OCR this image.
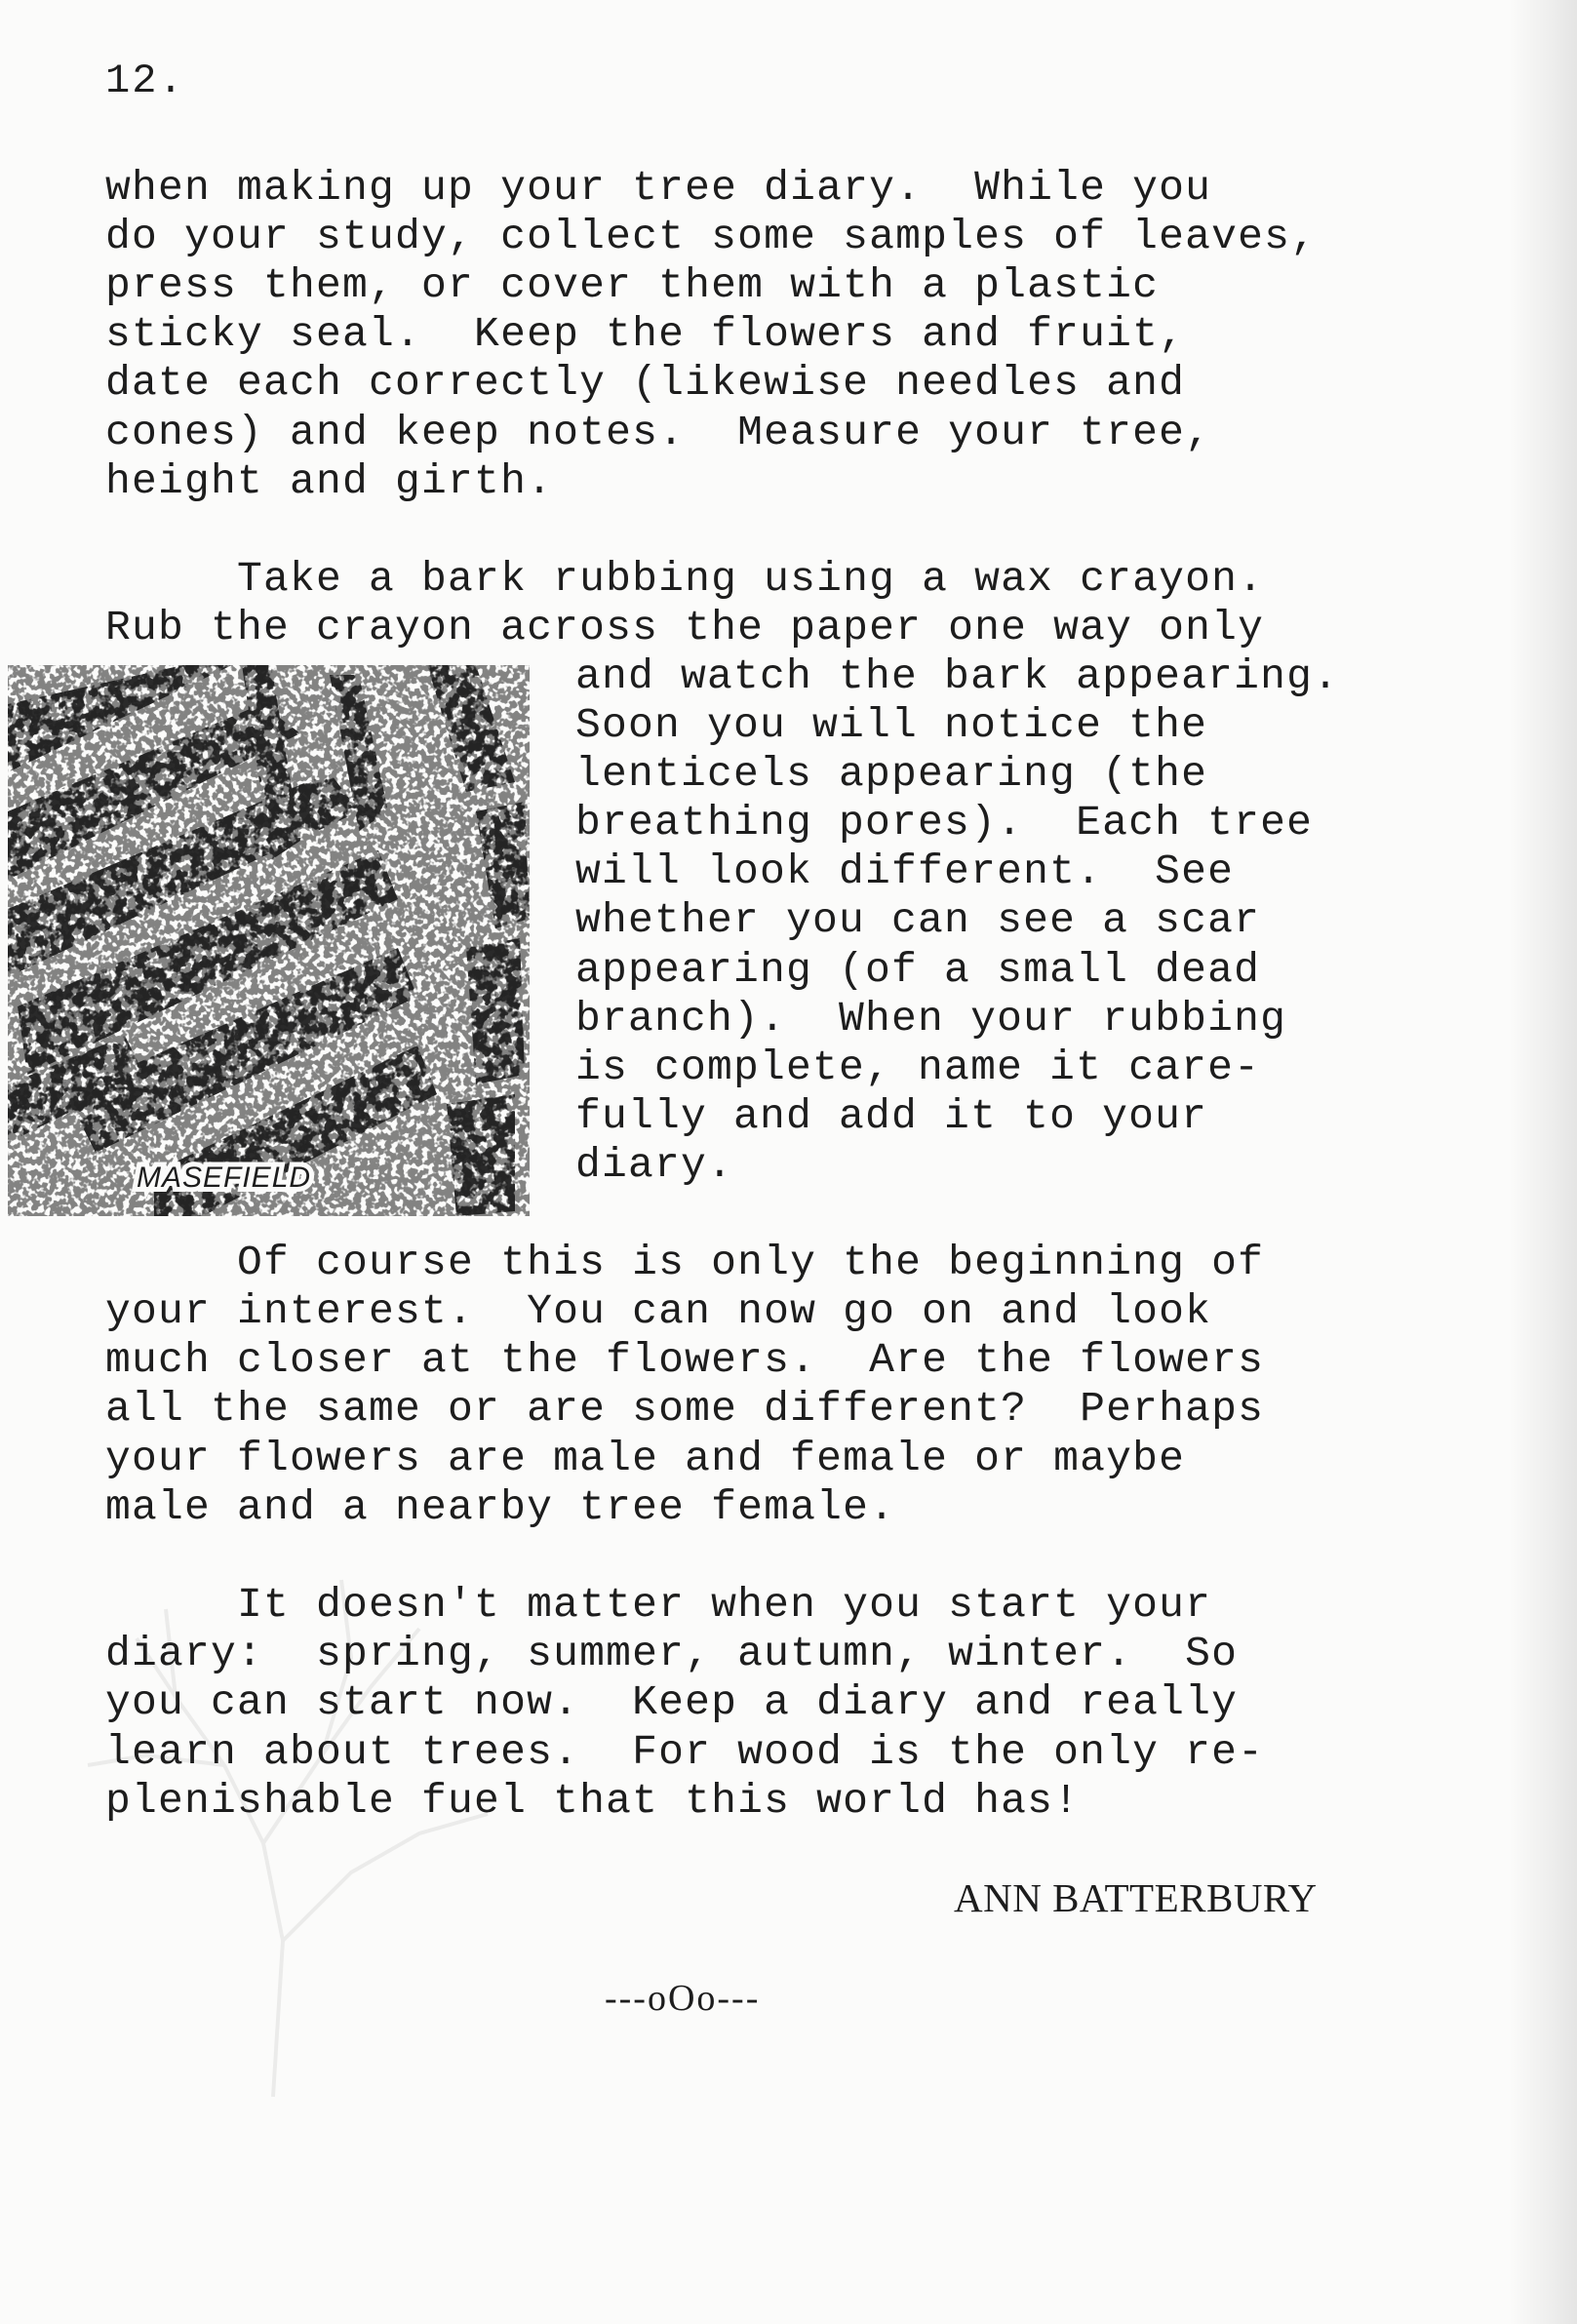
12.
when making up your tree diary.  While you
do your study, collect some samples of leaves,
press them, or cover them with a plastic
sticky seal.  Keep the flowers and fruit,
date each correctly (likewise needles and
cones) and keep notes.  Measure your tree,
height and girth.
Take a bark rubbing using a wax crayon.
Rub the crayon across the paper one way only
MASEFIELD
and watch the bark appearing.
Soon you will notice the
lenticels appearing (the
breathing pores).  Each tree
will look different.  See
whether you can see a scar
appearing (of a small dead
branch).  When your rubbing
is complete, name it care-
fully and add it to your
diary.
Of course this is only the beginning of
your interest.  You can now go on and look
much closer at the flowers.  Are the flowers
all the same or are some different?  Perhaps
your flowers are male and female or maybe
male and a nearby tree female.
It doesn't matter when you start your
diary:  spring, summer, autumn, winter.  So
you can start now.  Keep a diary and really
learn about trees.  For wood is the only re-
plenishable fuel that this world has!
ANN BATTERBURY
---oOo---
